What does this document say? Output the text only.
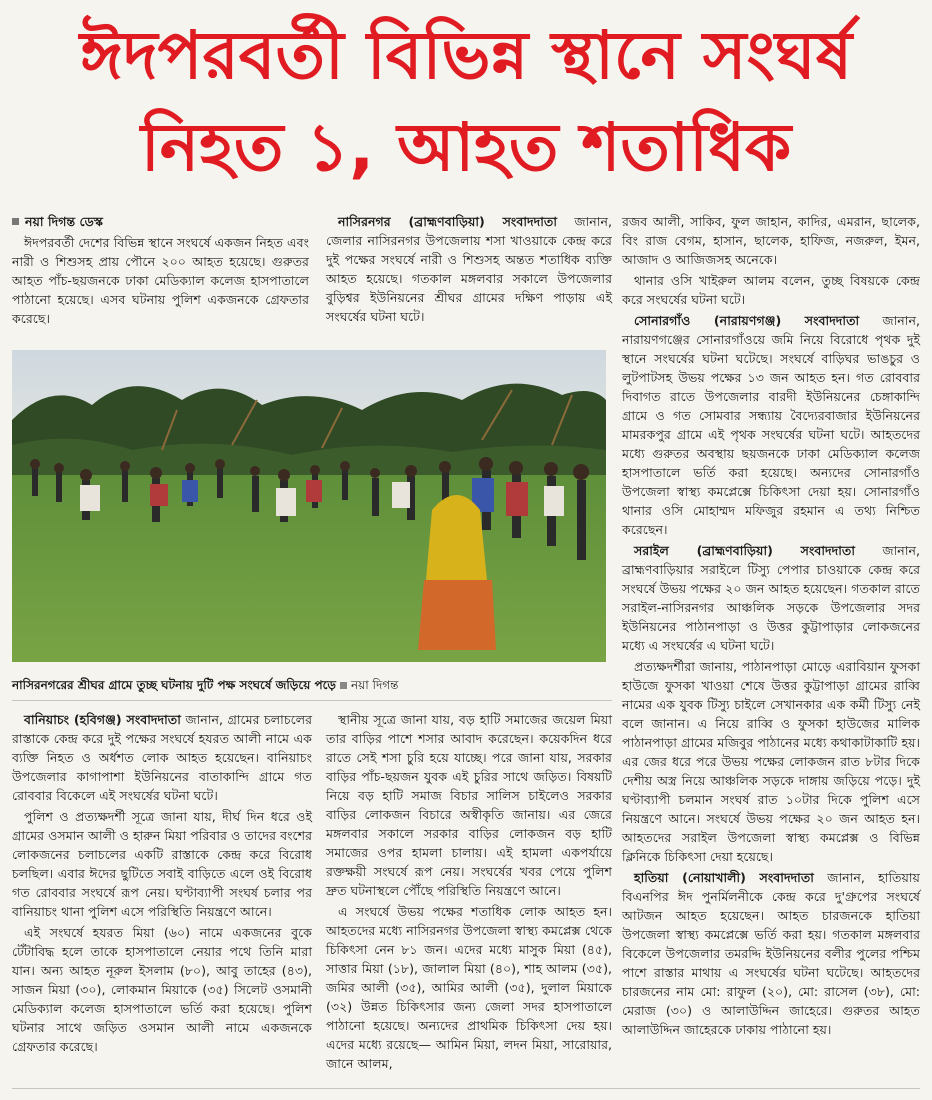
ঈদপরবর্তী বিভিন্ন স্থানে সংঘর্ষ
নিহত ১, আহত শতাধিক
নয়া দিগন্ত ডেস্ক

ঈদপরবর্তী দেশের বিভিন্ন স্থানে সংঘর্ষে একজন নিহত এবং নারী ও শিশুসহ প্রায় পৌনে ২০০ আহত হয়েছে। গুরুতর আহত পাঁচ-ছয়জনকে ঢাকা মেডিক্যাল কলেজ হাসপাতালে পাঠানো হয়েছে। এসব ঘটনায় পুলিশ একজনকে গ্রেফতার করেছে।

নাসিরনগর (ব্রাহ্মণবাড়িয়া) সংবাদদাতা জানান, জেলার নাসিরনগর উপজেলায় শসা খাওয়াকে কেন্দ্র করে দুই পক্ষের সংঘর্ষে নারী ও শিশুসহ অন্তত শতাধিক ব্যক্তি আহত হয়েছে। গতকাল মঙ্গলবার সকালে উপজেলার বুড়িশ্বর ইউনিয়নের শ্রীঘর গ্রামের দক্ষিণ পাড়ায় এই সংঘর্ষের ঘটনা ঘটে।

নাসিরনগরের শ্রীঘর গ্রামে তুচ্ছ ঘটনায় দুটি পক্ষ সংঘর্ষে জড়িয়ে পড়ে নয়া দিগন্ত

বানিয়াচং (হবিগঞ্জ) সংবাদদাতা জানান, গ্রামের চলাচলের রাস্তাকে কেন্দ্র করে দুই পক্ষের সংঘর্ষে হযরত আলী নামে এক ব্যক্তি নিহত ও অর্ধশত লোক আহত হয়েছেন। বানিয়াচং উপজেলার কাগাপাশা ইউনিয়নের বাতাকান্দি গ্রামে গত রোববার বিকেলে এই সংঘর্ষের ঘটনা ঘটে।

পুলিশ ও প্রত্যক্ষদর্শী সূত্রে জানা যায়, দীর্ঘ দিন ধরে ওই গ্রামের ওসমান আলী ও হারুন মিয়া পরিবার ও তাদের বংশের লোকজনের চলাচলের একটি রাস্তাকে কেন্দ্র করে বিরোধ চলছিল। এবার ঈদের ছুটিতে সবাই বাড়িতে এলে ওই বিরোধ গত রোববার সংঘর্ষে রূপ নেয়। ঘণ্টাব্যাপী সংঘর্ষ চলার পর বানিয়াচং থানা পুলিশ এসে পরিস্থিতি নিয়ন্ত্রণে আনে।

এই সংঘর্ষে হযরত মিয়া (৬০) নামে একজনের বুকে টেঁটাবিদ্ধ হলে তাকে হাসপাতালে নেয়ার পথে তিনি মারা যান। অন্য আহত নূরুল ইসলাম (৮০), আবু তাহের (৪৩), সাজন মিয়া (৩০), লোকমান মিয়াকে (৩৫) সিলেট ওসমানী মেডিক্যাল কলেজ হাসপাতালে ভর্তি করা হয়েছে। পুলিশ ঘটনার সাথে জড়িত ওসমান আলী নামে একজনকে গ্রেফতার করেছে।

স্থানীয় সূত্রে জানা যায়, বড় হাটি সমাজের জয়েল মিয়া তার বাড়ির পাশে শসার আবাদ করেছেন। কয়েকদিন ধরে রাতে সেই শসা চুরি হয়ে যাচ্ছে। পরে জানা যায়, সরকার বাড়ির পাঁচ-ছয়জন যুবক এই চুরির সাথে জড়িত। বিষয়টি নিয়ে বড় হাটি সমাজ বিচার সালিস চাইলেও সরকার বাড়ির লোকজন বিচারে অস্বীকৃতি জানায়। এর জেরে মঙ্গলবার সকালে সরকার বাড়ির লোকজন বড় হাটি সমাজের ওপর হামলা চালায়। এই হামলা একপর্যায়ে রক্তক্ষয়ী সংঘর্ষে রূপ নেয়। সংঘর্ষের খবর পেয়ে পুলিশ দ্রুত ঘটনাস্থলে পৌঁছে পরিস্থিতি নিয়ন্ত্রণে আনে।

এ সংঘর্ষে উভয় পক্ষের শতাধিক লোক আহত হন। আহতদের মধ্যে নাসিরনগর উপজেলা স্বাস্থ্য কমপ্লেক্স থেকে চিকিৎসা নেন ৮১ জন। এদের মধ্যে মাসুক মিয়া (৪৫), সাত্তার মিয়া (১৮), জালাল মিয়া (৪০), শাহ আলম (৩৫), জমির আলী (৩৫), আমির আলী (৩৫), দুলাল মিয়াকে (৩২) উন্নত চিকিৎসার জন্য জেলা সদর হাসপাতালে পাঠানো হয়েছে। অন্যদের প্রাথমিক চিকিৎসা দেয় হয়। এদের মধ্যে রয়েছে— আমিন মিয়া, লদন মিয়া, সারোয়ার, জানে আলম,

রজব আলী, সাকিব, ফুল জাহান, কাদির, এমরান, ছালেক, বিং রাজ বেগম, হাসান, ছালেক, হাফিজ, নজরুল, ইমন, আজাদ ও আজিজসহ অনেকে।

থানার ওসি খাইরুল আলম বলেন, তুচ্ছ বিষয়কে কেন্দ্র করে সংঘর্ষের ঘটনা ঘটে।

সোনারগাঁও (নারায়ণগঞ্জ) সংবাদদাতা জানান, নারায়ণগঞ্জের সোনারগাঁওয়ে জমি নিয়ে বিরোধে পৃথক দুই স্থানে সংঘর্ষের ঘটনা ঘটেছে। সংঘর্ষে বাড়িঘর ভাঙচুর ও লুটপাটসহ উভয় পক্ষের ১৩ জন আহত হন। গত রোববার দিবাগত রাতে উপজেলার বারদী ইউনিয়নের চেঙ্গাকান্দি গ্রামে ও গত সোমবার সন্ধ্যায় বৈদ্যেরবাজার ইউনিয়নের মামরকপুর গ্রামে এই পৃথক সংঘর্ষের ঘটনা ঘটে। আহতদের মধ্যে গুরুতর অবস্থায় ছয়জনকে ঢাকা মেডিক্যাল কলেজ হাসপাতালে ভর্তি করা হয়েছে। অন্যদের সোনারগাঁও উপজেলা স্বাস্থ্য কমপ্লেক্সে চিকিৎসা দেয়া হয়। সোনারগাঁও থানার ওসি মোহাম্মদ মফিজুর রহমান এ তথ্য নিশ্চিত করেছেন।

সরাইল (ব্রাহ্মণবাড়িয়া) সংবাদদাতা জানান, ব্রাহ্মণবাড়িয়ার সরাইলে টিস্যু পেপার চাওয়াকে কেন্দ্র করে সংঘর্ষে উভয় পক্ষের ২০ জন আহত হয়েছেন। গতকাল রাতে সরাইল-নাসিরনগর আঞ্চলিক সড়কে উপজেলার সদর ইউনিয়নের পাঠানপাড়া ও উত্তর কুট্টাপাড়ার লোকজনের মধ্যে এ সংঘর্ষের এ ঘটনা ঘটে।

প্রত্যক্ষদর্শীরা জানায়, পাঠানপাড়া মোড়ে এরাবিয়ান ফুসকা হাউজে ফুসকা খাওয়া শেষে উত্তর কুট্টাপাড়া গ্রামের রাব্বি নামের এক যুবক টিস্যু চাইলে সেখানকার এক কর্মী টিস্যু নেই বলে জানান। এ নিয়ে রাব্বি ও ফুসকা হাউজের মালিক পাঠানপাড়া গ্রামের মজিবুর পাঠানের মধ্যে কথাকাটাকাটি হয়। এর জের ধরে পরে উভয় পক্ষের লোকজন রাত ৮টার দিকে দেশীয় অস্ত্র নিয়ে আঞ্চলিক সড়কে দাঙ্গায় জড়িয়ে পড়ে। দুই ঘণ্টাব্যাপী চলমান সংঘর্ষ রাত ১০টার দিকে পুলিশ এসে নিয়ন্ত্রণে আনে। সংঘর্ষে উভয় পক্ষের ২০ জন আহত হন। আহতদের সরাইল উপজেলা স্বাস্থ্য কমপ্লেক্স ও বিভিন্ন ক্লিনিকে চিকিৎসা দেয়া হয়েছে।

হাতিয়া (নোয়াখালী) সংবাদদাতা জানান, হাতিয়ায় বিএনপির ঈদ পুনর্মিলনীকে কেন্দ্র করে দু'গ্রুপের সংঘর্ষে আটজন আহত হয়েছেন। আহত চারজনকে হাতিয়া উপজেলা স্বাস্থ্য কমপ্লেক্সে ভর্তি করা হয়। গতকাল মঙ্গলবার বিকেলে উপজেলার তমরদ্দি ইউনিয়নের বলীর পুলের পশ্চিম পাশে রাস্তার মাথায় এ সংঘর্ষের ঘটনা ঘটেছে। আহতদের চারজনের নাম মো: রাফুল (২০), মো: রাসেল (৩৮), মো: মেরাজ (৩০) ও আলাউদ্দিন জাহেরে। গুরুতর আহত আলাউদ্দিন জাহেরকে ঢাকায় পাঠানো হয়।
